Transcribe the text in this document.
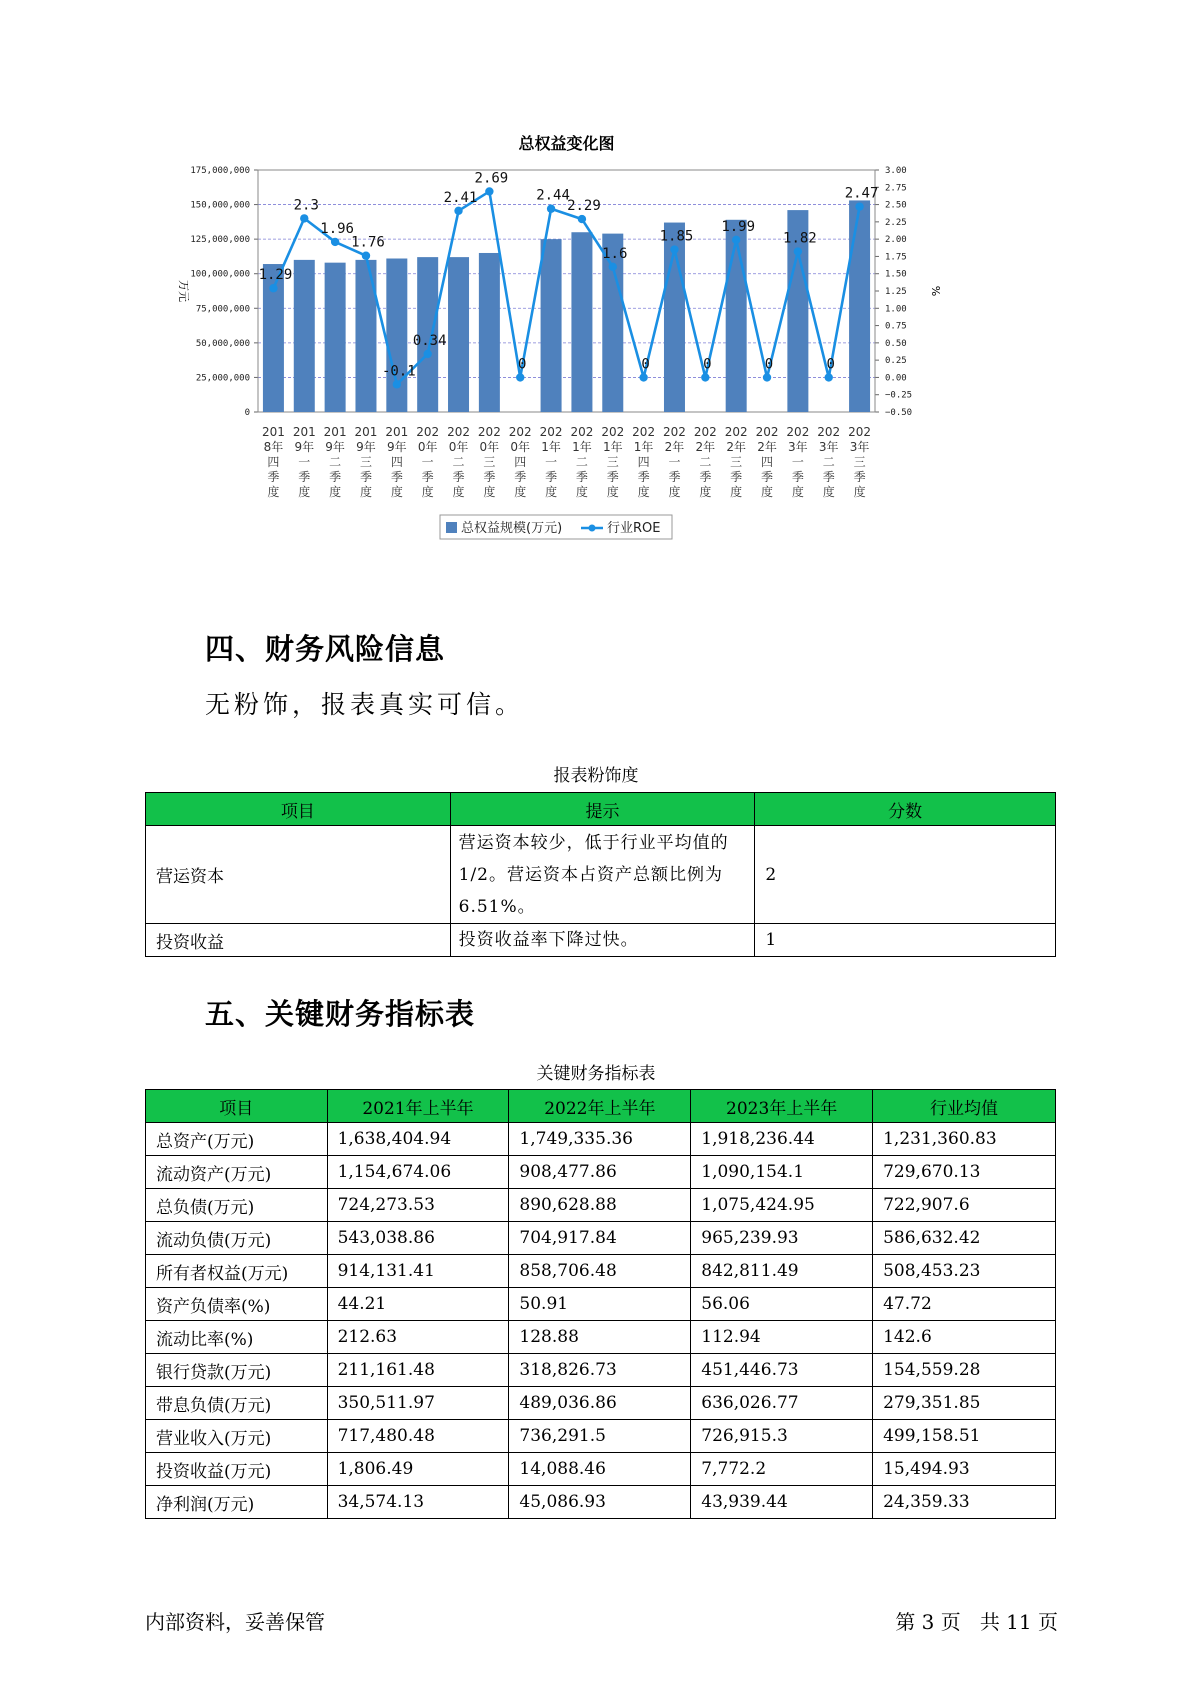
总权益变化图
175,000,000
150,000,000
125,000,000
100,000,000
75,000,000
50,000,000
25,000,000
0
3.00
2.75
2.50
2.25
2.00
1.75
1.50
1.25
1.00
0.75
0.50
0.25
0.00
−0.25
−0.50
万元	%
201
8年
四
季
度
201
9年
一
季
度
201
9年
二
季
度
201
9年
三
季
度
201
9年
四
季
度
202
0年
一
季
度
202
0年
二
季
度
202
0年
三
季
度
202
0年
四
季
度
202
1年
一
季
度
202
1年
二
季
度
202
1年
三
季
度
202
1年
四
季
度
202
2年
一
季
度
202
2年
二
季
度
202
2年
三
季
度
202
2年
四
季
度
202
3年
一
季
度
202
3年
二
季
度
202
3年
三
季
度
1.29
2.3
1.96
1.76
-0.1
0.34
2.41
2.69
0
2.44
2.29
1.6
0
1.85
0
1.99
0
1.82
0
2.47
总权益规模(万元)	行业ROE
四、财务风险信息
无粉饰，报表真实可信。
报表粉饰度
项目	提示	分数
营运资本	营运资本较少，低于行业平均值的1/2。营运资本占资产总额比例为6.51%。	2
投资收益	投资收益率下降过快。	1
五、关键财务指标表
关键财务指标表
项目	2021年上半年	2022年上半年	2023年上半年	行业均值
总资产(万元)	1,638,404.94	1,749,335.36	1,918,236.44	1,231,360.83
流动资产(万元)	1,154,674.06	908,477.86	1,090,154.1	729,670.13
总负债(万元)	724,273.53	890,628.88	1,075,424.95	722,907.6
流动负债(万元)	543,038.86	704,917.84	965,239.93	586,632.42
所有者权益(万元)	914,131.41	858,706.48	842,811.49	508,453.23
资产负债率(%)	44.21	50.91	56.06	47.72
流动比率(%)	212.63	128.88	112.94	142.6
银行贷款(万元)	211,161.48	318,826.73	451,446.73	154,559.28
带息负债(万元)	350,511.97	489,036.86	636,026.77	279,351.85
营业收入(万元)	717,480.48	736,291.5	726,915.3	499,158.51
投资收益(万元)	1,806.49	14,088.46	7,772.2	15,494.93
净利润(万元)	34,574.13	45,086.93	43,939.44	24,359.33
内部资料，妥善保管	第 3 页   共 11 页
